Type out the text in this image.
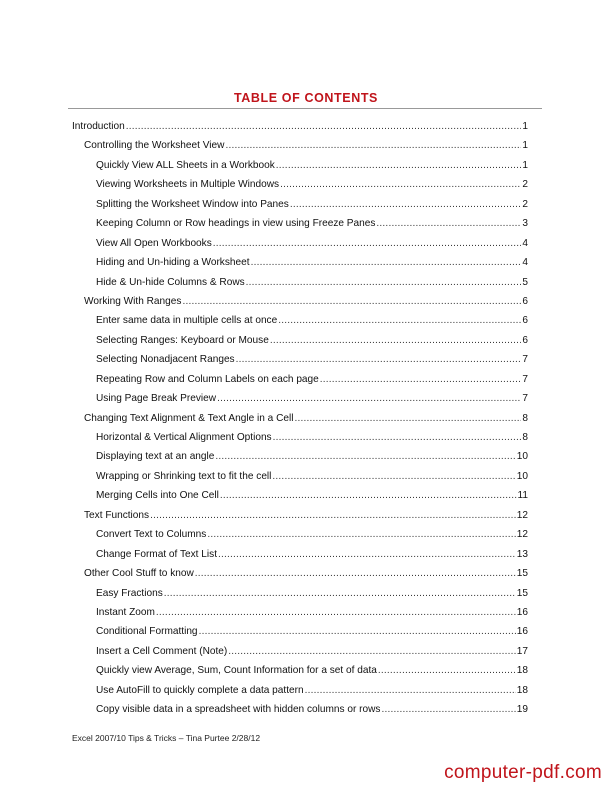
TABLE OF CONTENTS
Introduction .....	1
Controlling the Worksheet View .....	1
Quickly View ALL Sheets in a Workbook .....	1
Viewing Worksheets in Multiple Windows .....	2
Splitting the Worksheet Window into Panes .....	2
Keeping Column or Row headings in view using Freeze Panes .....	3
View All Open Workbooks .....	4
Hiding and Un-hiding a Worksheet .....	4
Hide & Un-hide Columns & Rows .....	5
Working With Ranges .....	6
Enter same data in multiple cells at once .....	6
Selecting Ranges: Keyboard or Mouse .....	6
Selecting Nonadjacent Ranges .....	7
Repeating Row and Column Labels on each page .....	7
Using Page Break Preview .....	7
Changing Text Alignment & Text Angle in a Cell .....	8
Horizontal & Vertical Alignment Options .....	8
Displaying text at an angle .....	10
Wrapping or Shrinking text to fit the cell .....	10
Merging Cells into One Cell .....	11
Text Functions .....	12
Convert Text to Columns .....	12
Change Format of Text List .....	13
Other Cool Stuff to know .....	15
Easy Fractions .....	15
Instant Zoom .....	16
Conditional Formatting .....	16
Insert a Cell Comment (Note) .....	17
Quickly view Average, Sum, Count Information for a set of data .....	18
Use AutoFill to quickly complete a data pattern .....	18
Copy visible data in a spreadsheet with hidden columns or rows .....	19
Excel 2007/10 Tips & Tricks – Tina Purtee 2/28/12
computer-pdf.com
